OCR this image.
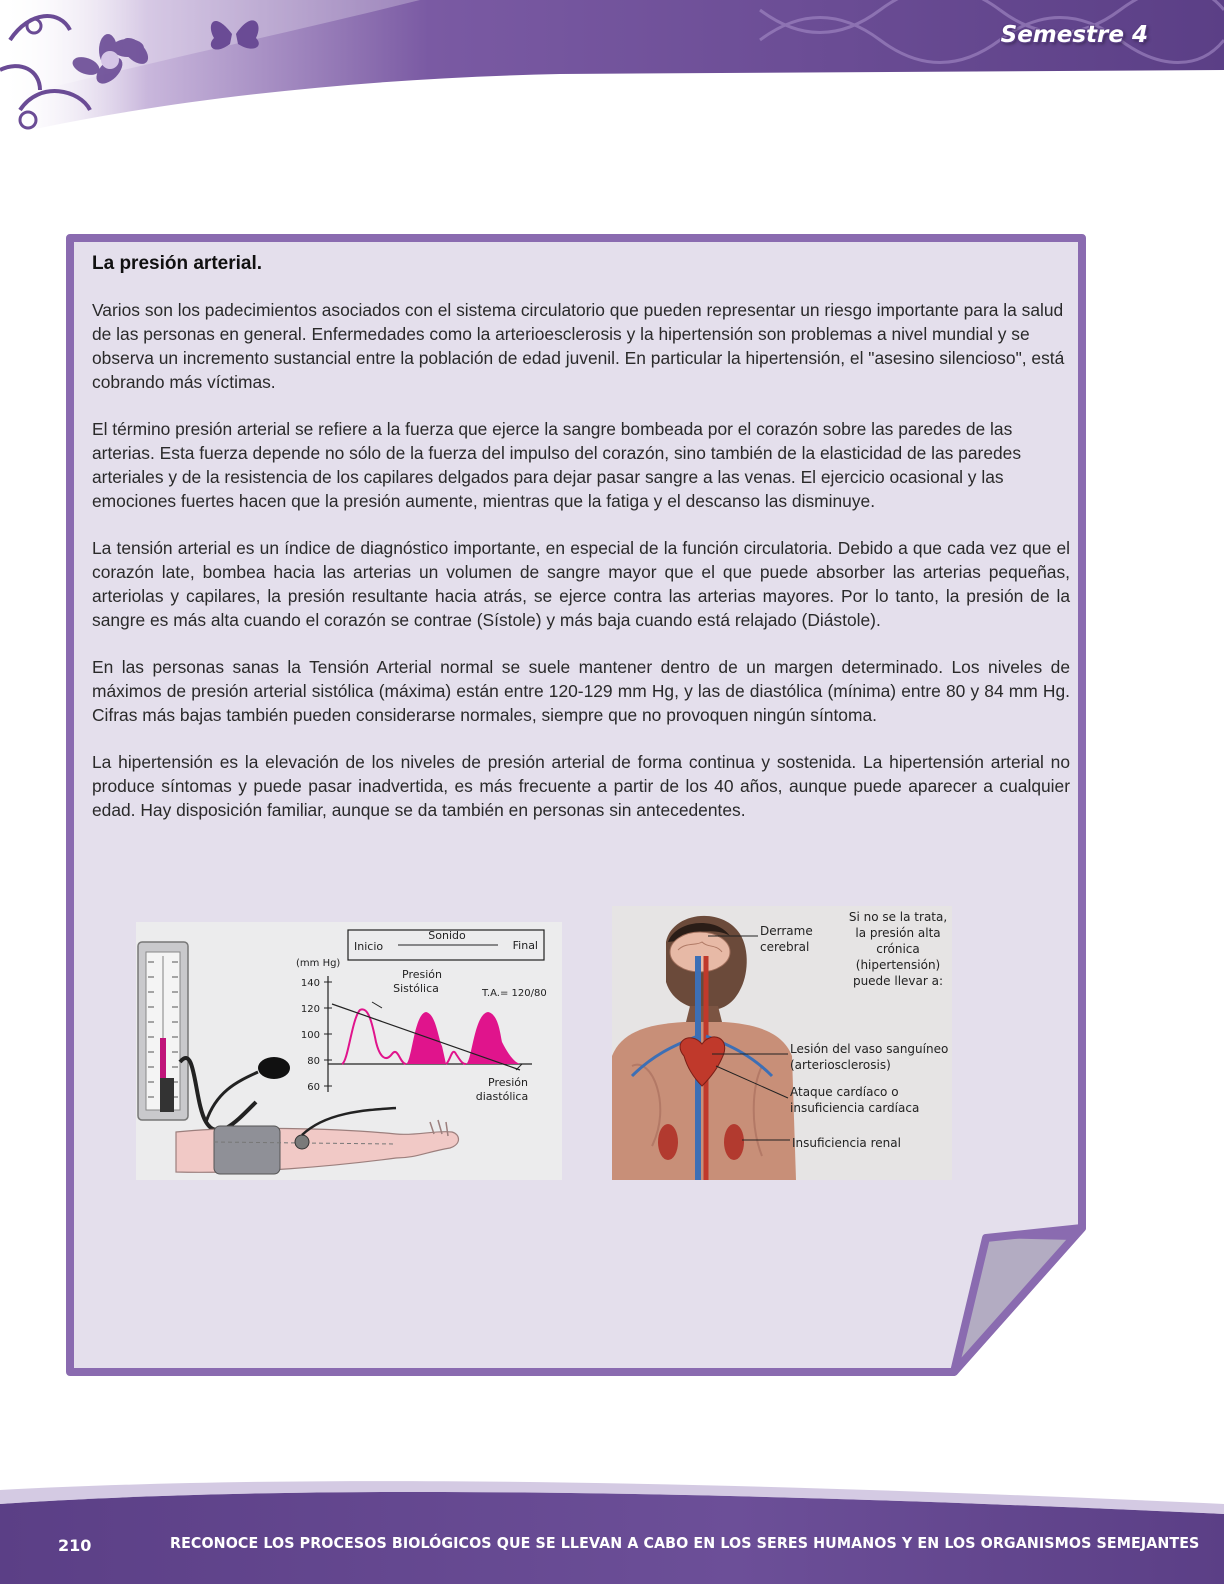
Semestre 4
La presión arterial.

Varios son los padecimientos asociados con el sistema circulatorio que pueden representar un riesgo importante para la salud de las personas en general. Enfermedades como la arterioesclerosis y la hipertensión son problemas a nivel mundial y se observa un incremento sustancial entre la población de edad juvenil. En particular la hipertensión, el "asesino silencioso", está cobrando más víctimas.

El término presión arterial se refiere a la fuerza que ejerce la sangre bombeada por el corazón sobre las paredes de las arterias. Esta fuerza depende no sólo de la fuerza del impulso del corazón, sino también de la elasticidad de las paredes arteriales y de la resistencia de los capilares delgados para dejar pasar sangre a las venas. El ejercicio ocasional y las emociones fuertes hacen que la presión aumente, mientras que la fatiga y el descanso las disminuye.

La tensión arterial es un índice de diagnóstico importante, en especial de la función circulatoria. Debido a que cada vez que el corazón late, bombea hacia las arterias un volumen de sangre mayor que el que puede absorber las arterias pequeñas, arteriolas y capilares, la presión resultante hacia atrás, se ejerce contra las arterias mayores. Por lo tanto, la presión de la sangre es más alta cuando el corazón se contrae (Sístole) y más baja cuando está relajado (Diástole).

En las personas sanas la Tensión Arterial normal se suele mantener dentro de un margen determinado. Los niveles de máximos de presión arterial sistólica (máxima) están entre 120-129 mm Hg, y las de diastólica (mínima) entre 80 y 84 mm Hg. Cifras más bajas también pueden considerarse normales, siempre que no provoquen ningún síntoma.

La hipertensión es la elevación de los niveles de presión arterial de forma continua y sostenida. La hipertensión arterial no produce síntomas y puede pasar inadvertida, es más frecuente a partir de los 40 años, aunque puede aparecer a cualquier edad. Hay disposición familiar, aunque se da también en personas sin antecedentes.

Sonido
Inicio	Final
(mm Hg)
140
120
100
80
60
Presión
Sistólica	T.A.= 120/80
Presión
diastólica
Derrame
cerebral
Si no se la trata,
la presión alta
crónica
(hipertensión)
puede llevar a:
Lesión del vaso sanguíneo
(arteriosclerosis)
Ataque cardíaco o
insuficiencia cardíaca
Insuficiencia renal
210	RECONOCE LOS PROCESOS BIOLÓGICOS QUE SE LLEVAN A CABO EN LOS SERES HUMANOS Y EN LOS ORGANISMOS SEMEJANTES
